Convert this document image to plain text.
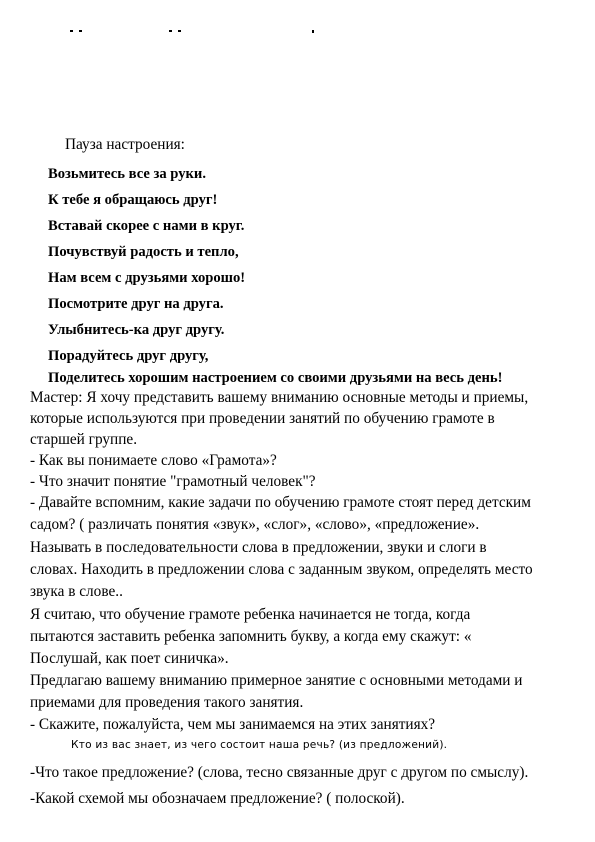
Пауза настроения:
Возьмитесь все за руки.
К тебе я обращаюсь друг!
Вставай скорее с нами в круг.
Почувствуй радость и тепло,
Нам всем с друзьями хорошо!
Посмотрите друг на друга.
Улыбнитесь-ка друг другу.
Порадуйтесь друг другу,
Поделитесь хорошим настроением со своими друзьями на весь день!
Мастер: Я хочу представить вашему вниманию основные методы и приемы,
которые используются при проведении занятий по обучению грамоте в
старшей группе.
- Как вы понимаете слово «Грамота»?
- Что значит понятие "грамотный человек"?
- Давайте вспомним, какие задачи по обучению грамоте стоят перед детским
садом? ( различать понятия «звук», «слог», «слово», «предложение».
Называть в последовательности слова в предложении, звуки и слоги в
словах. Находить в предложении слова с заданным звуком, определять место
звука в слове..
Я считаю, что обучение грамоте ребенка начинается не тогда, когда
пытаются заставить ребенка запомнить букву, а когда ему скажут: «
Послушай, как поет синичка».
Предлагаю вашему вниманию примерное занятие с основными методами и
приемами для проведения такого занятия.
- Скажите, пожалуйста, чем мы занимаемся на этих занятиях?
Кто из вас знает, из чего состоит наша речь? (из предложений).
-Что такое предложение? (слова, тесно связанные друг с другом по смыслу).
-Какой схемой мы обозначаем предложение? ( полоской).
